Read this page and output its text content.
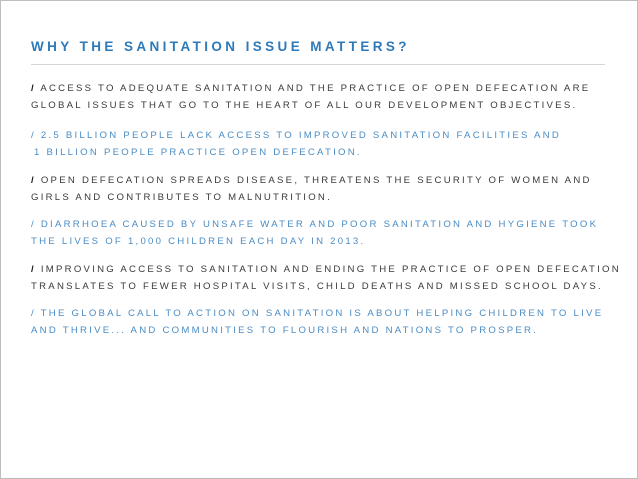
WHY THE SANITATION ISSUE MATTERS?

/ ACCESS TO ADEQUATE SANITATION AND THE PRACTICE OF OPEN DEFECATION ARE
GLOBAL ISSUES THAT GO TO THE HEART OF ALL OUR DEVELOPMENT OBJECTIVES.

/ 2.5 BILLION PEOPLE LACK ACCESS TO IMPROVED SANITATION FACILITIES AND
1 BILLION PEOPLE PRACTICE OPEN DEFECATION.

/ OPEN DEFECATION SPREADS DISEASE, THREATENS THE SECURITY OF WOMEN AND
GIRLS AND CONTRIBUTES TO MALNUTRITION.

/ DIARRHOEA CAUSED BY UNSAFE WATER AND POOR SANITATION AND HYGIENE TOOK
THE LIVES OF 1,000 CHILDREN EACH DAY IN 2013.

/ IMPROVING ACCESS TO SANITATION AND ENDING THE PRACTICE OF OPEN DEFECATION
TRANSLATES TO FEWER HOSPITAL VISITS, CHILD DEATHS AND MISSED SCHOOL DAYS.

/ THE GLOBAL CALL TO ACTION ON SANITATION IS ABOUT HELPING CHILDREN TO LIVE
AND THRIVE... AND COMMUNITIES TO FLOURISH AND NATIONS TO PROSPER.
